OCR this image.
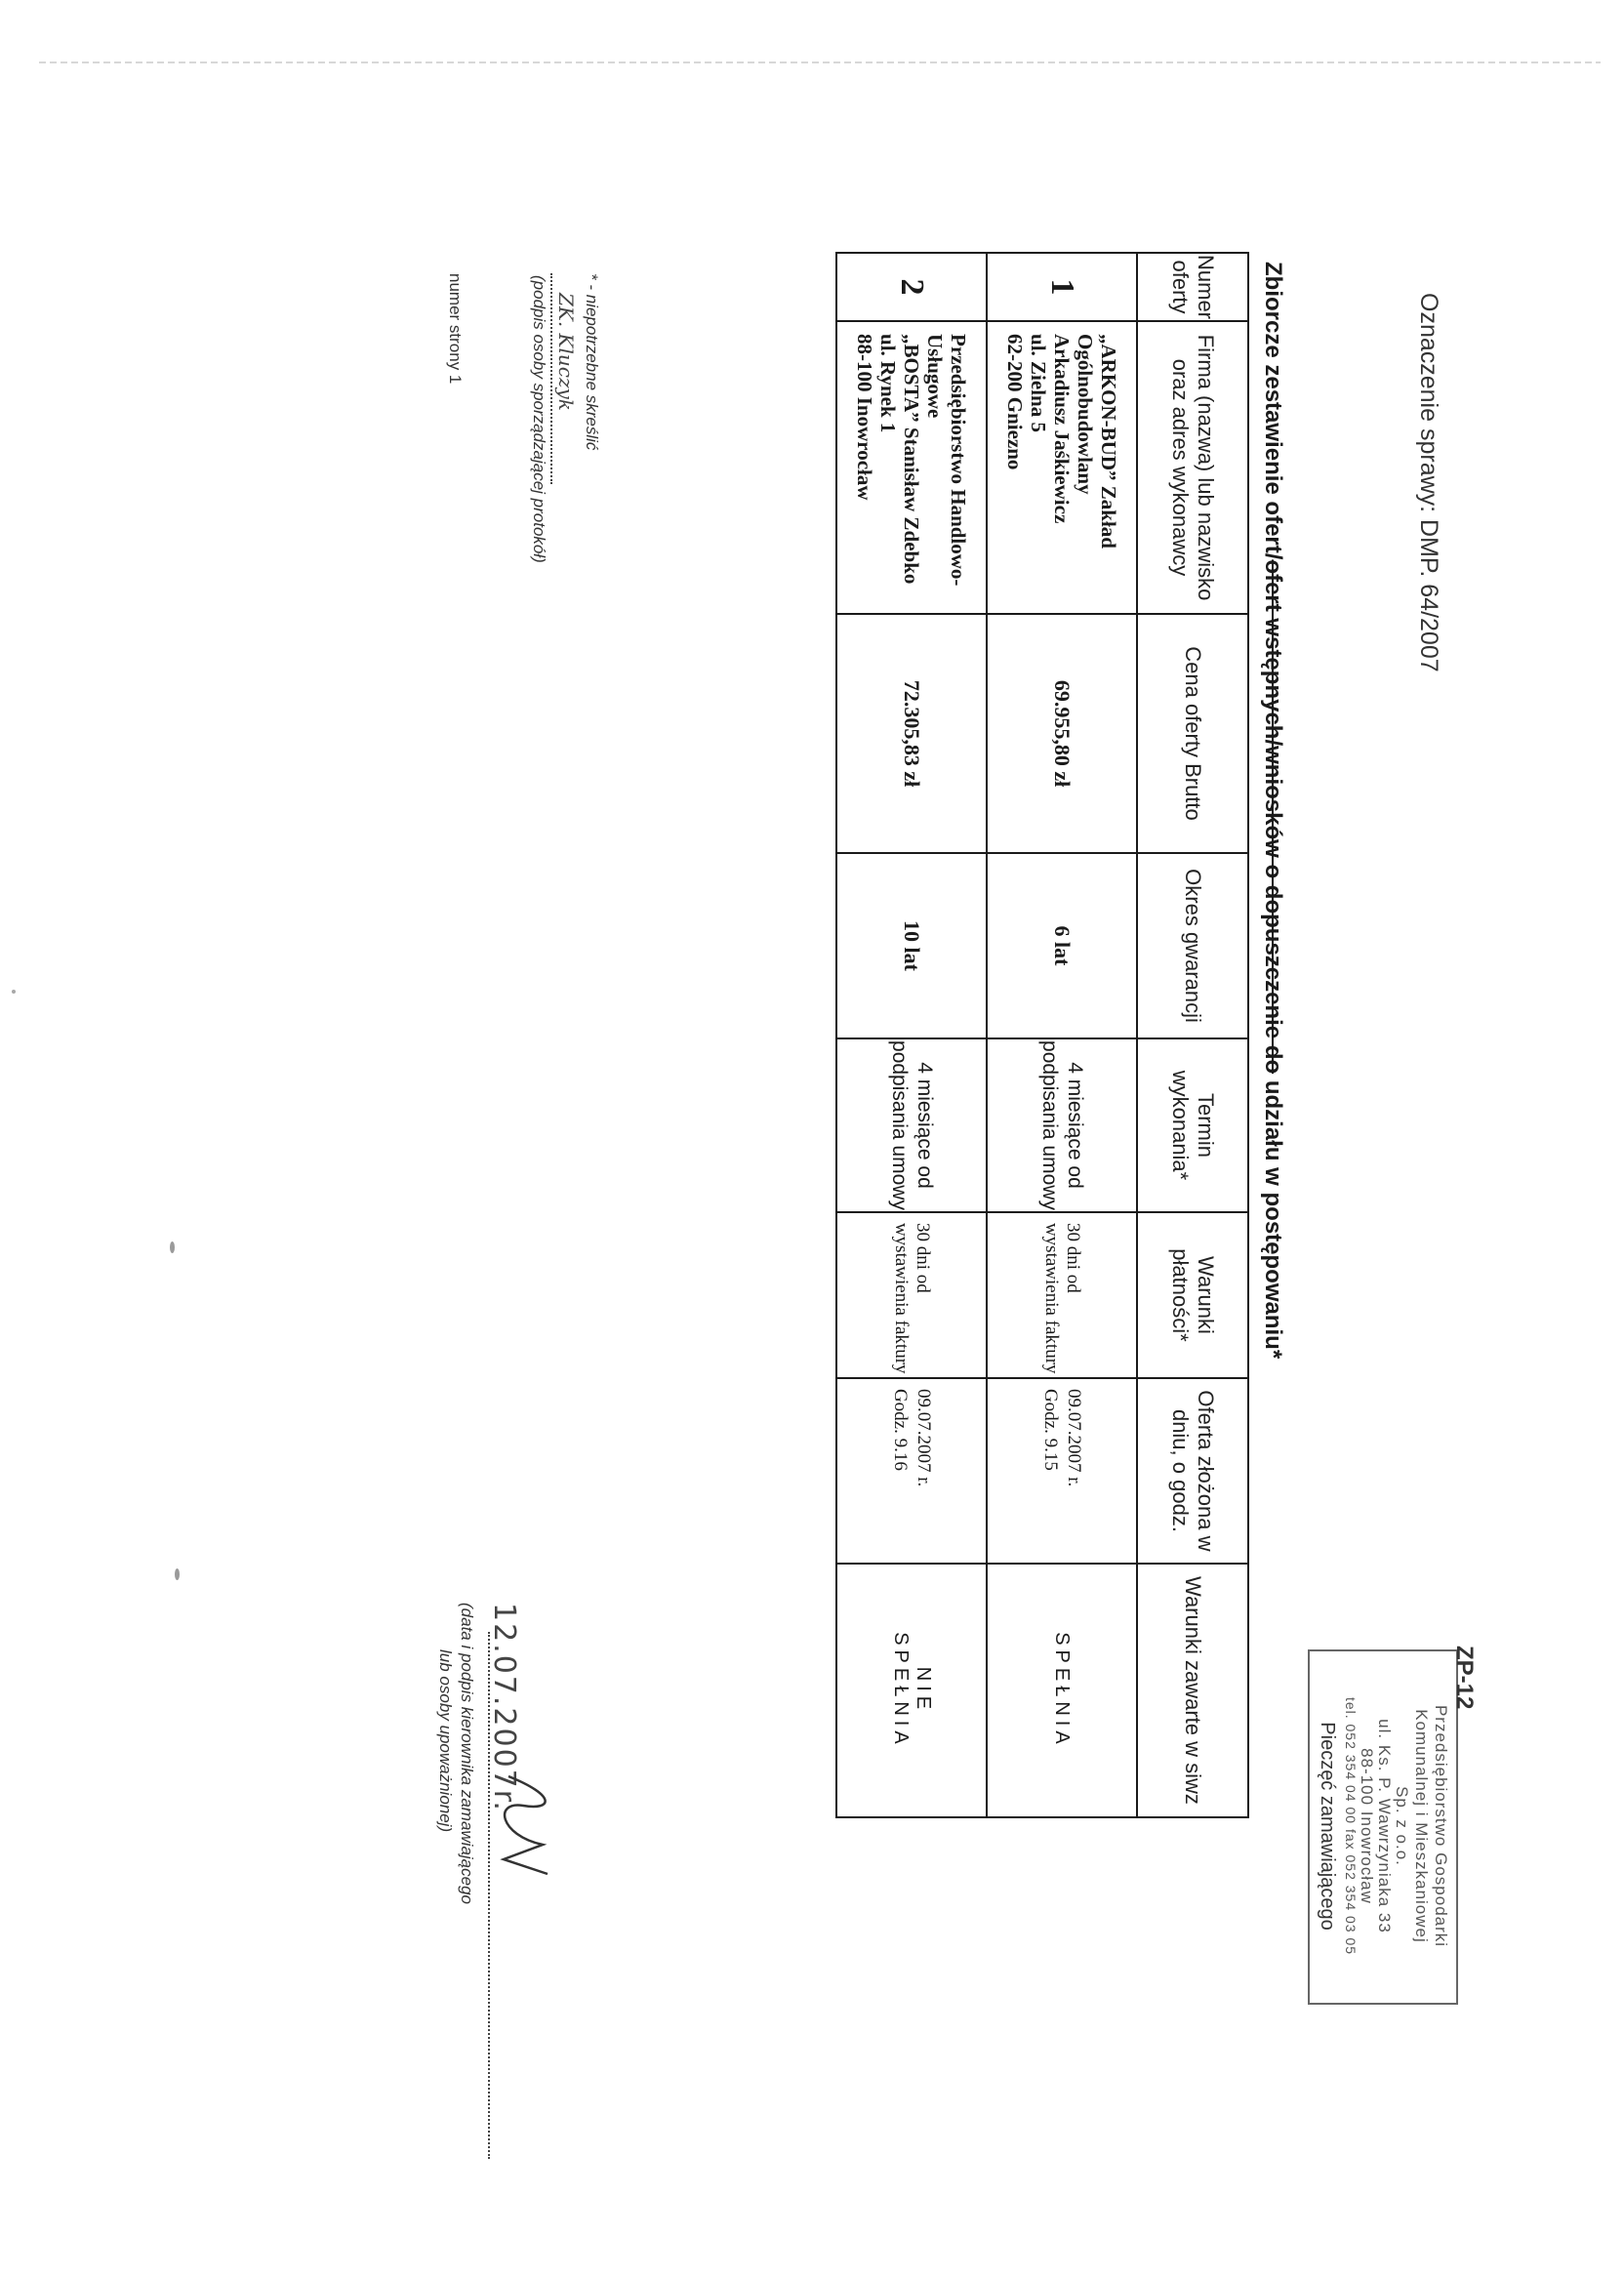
Oznaczenie sprawy: DMP. 64/2007
ZP-12
Przedsiębiorstwo Gospodarki
Komunalnej i Mieszkaniowej
Sp. z o.o.
ul. Ks. P. Wawrzyniaka 33
88-100 Inowrocław
tel. 052 354 04 00 fax 052 354 03 05
Pieczęć zamawiającego
Zbiorcze zestawienie ofert/ofert wstępnych/wniosków o dopuszczenie do udziału w postępowaniu*
Numer oferty	Firma (nazwa) lub nazwisko oraz adres wykonawcy	Cena oferty Brutto	Okres gwarancji	Termin wykonania*	Warunki płatności*	Oferta złożona w dniu, o godz.	Warunki zawarte w siwz
1	„ARKON-BUD” Zakład
Ogólnobudowlany
Arkadiusz Jaśkiewicz
ul. Zielna 5
62-200 Gniezno	69.955,80 zł	6 lat	4 miesiące od
podpisania umowy	30 dni od
wystawienia faktury	09.07.2007 r.
Godz. 9.15	SPEŁNIA

2	Przedsiębiorstwo Handlowo-
Usługowe
„BOSTA” Stanisław Zdebko
ul. Rynek 1
88-100 Inowrocław	72.305,83 zł	10 lat	4 miesiące od
podpisania umowy	30 dni od
wystawienia faktury	09.07.2007 r.
Godz. 9.16	NIE
SPEŁNIA
* - niepotrzebne skreślić
ZK. Kluczyk
(podpis osoby sporządzającej protokół)
numer strony 1
12.07.2007r.
(data i podpis kierownika zamawiającego
lub osoby upoważnionej)
